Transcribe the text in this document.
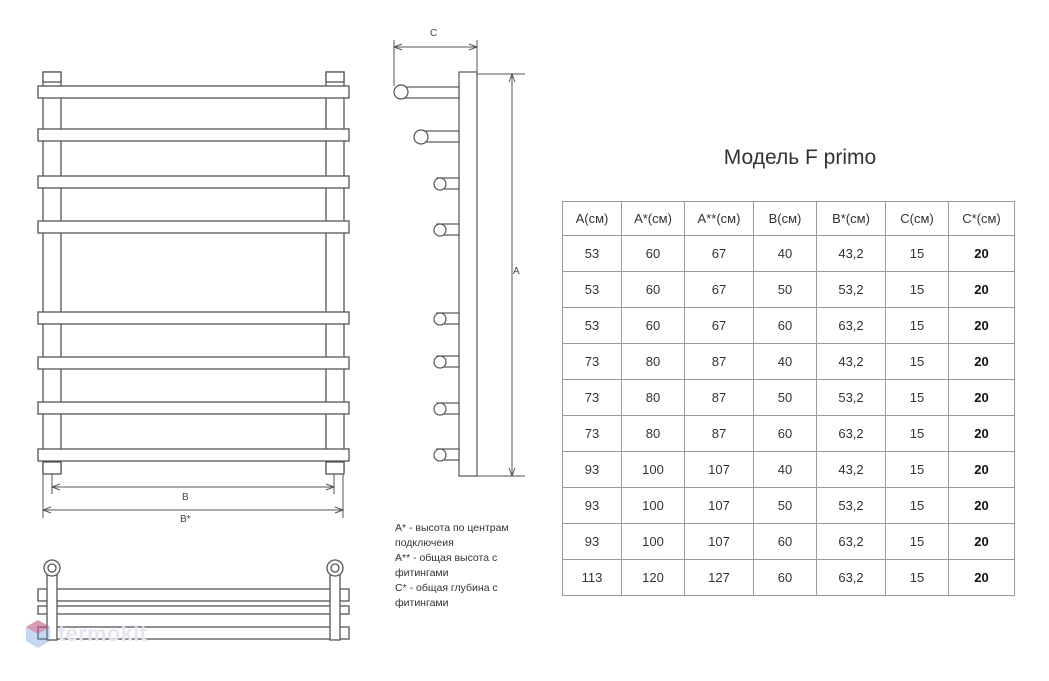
B
B*
C
A
A* - высота по центрам подключеия
A** - общая высота с фитингами
C* - общая глубина с фитингами
Модель F primo
A(см)	A*(см)	A**(см)	B(см)	B*(см)	C(см)	C*(см)
53	60	67	40	43,2	15	20
53	60	67	50	53,2	15	20
53	60	67	60	63,2	15	20
73	80	87	40	43,2	15	20
73	80	87	50	53,2	15	20
73	80	87	60	63,2	15	20
93	100	107	40	43,2	15	20
93	100	107	50	53,2	15	20
93	100	107	60	63,2	15	20
113	120	127	60	63,2	15	20
termokit
